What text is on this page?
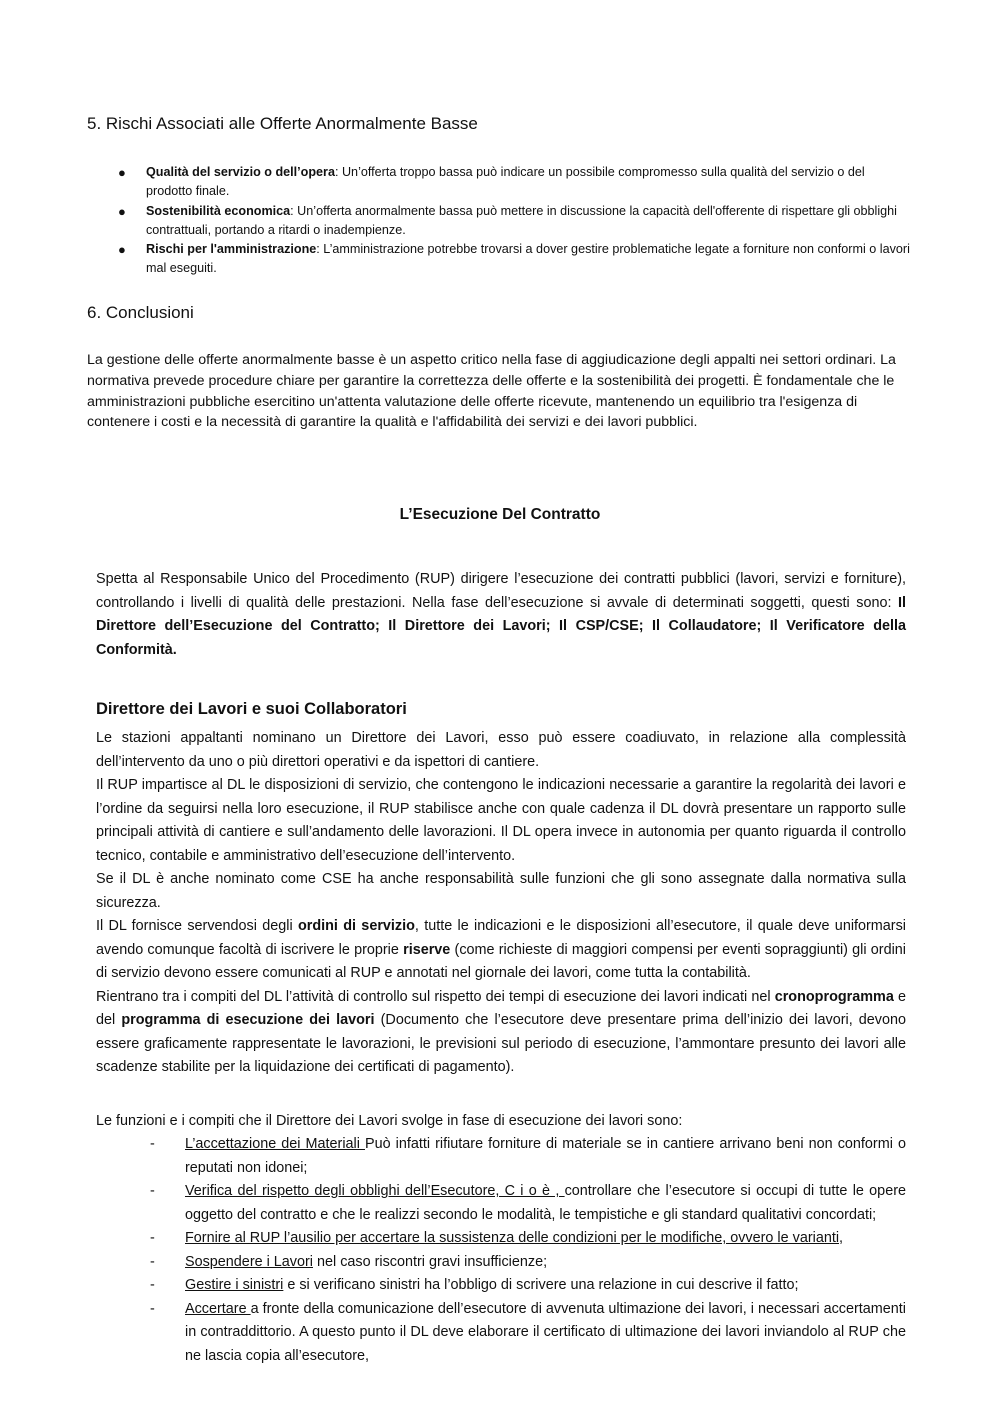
5. Rischi Associati alle Offerte Anormalmente Basse
● Qualità del servizio o dell’opera: Un’offerta troppo bassa può indicare un possibile compromesso sulla qualità del servizio o del prodotto finale.
● Sostenibilità economica: Un’offerta anormalmente bassa può mettere in discussione la capacità dell'offerente di rispettare gli obblighi contrattuali, portando a ritardi o inadempienze.
● Rischi per l'amministrazione: L’amministrazione potrebbe trovarsi a dover gestire problematiche legate a forniture non conformi o lavori mal eseguiti.
6. Conclusioni
La gestione delle offerte anormalmente basse è un aspetto critico nella fase di aggiudicazione degli appalti nei settori ordinari. La normativa prevede procedure chiare per garantire la correttezza delle offerte e la sostenibilità dei progetti. È fondamentale che le amministrazioni pubbliche esercitino un'attenta valutazione delle offerte ricevute, mantenendo un equilibrio tra l'esigenza di contenere i costi e la necessità di garantire la qualità e l'affidabilità dei servizi e dei lavori pubblici.
L’Esecuzione Del Contratto

Spetta al Responsabile Unico del Procedimento (RUP) dirigere l’esecuzione dei contratti pubblici (lavori, servizi e forniture), controllando i livelli di qualità delle prestazioni. Nella fase dell’esecuzione si avvale di determinati soggetti, questi sono: Il Direttore dell’Esecuzione del Contratto; Il Direttore dei Lavori; Il CSP/CSE; Il Collaudatore; Il Verificatore della Conformità.

Direttore dei Lavori e suoi Collaboratori

Le stazioni appaltanti nominano un Direttore dei Lavori, esso può essere coadiuvato, in relazione alla complessità dell’intervento da uno o più direttori operativi e da ispettori di cantiere.

Il RUP impartisce al DL le disposizioni di servizio, che contengono le indicazioni necessarie a garantire la regolarità dei lavori e l’ordine da seguirsi nella loro esecuzione, il RUP stabilisce anche con quale cadenza il DL dovrà presentare un rapporto sulle principali attività di cantiere e sull’andamento delle lavorazioni. Il DL opera invece in autonomia per quanto riguarda il controllo tecnico, contabile e amministrativo dell’esecuzione dell’intervento.

Se il DL è anche nominato come CSE ha anche responsabilità sulle funzioni che gli sono assegnate dalla normativa sulla sicurezza.

Il DL fornisce servendosi degli ordini di servizio, tutte le indicazioni e le disposizioni all’esecutore, il quale deve uniformarsi avendo comunque facoltà di iscrivere le proprie riserve (come richieste di maggiori compensi per eventi sopraggiunti) gli ordini di servizio devono essere comunicati al RUP e annotati nel giornale dei lavori, come tutta la contabilità.

Rientrano tra i compiti del DL l’attività di controllo sul rispetto dei tempi di esecuzione dei lavori indicati nel cronoprogramma e del programma di esecuzione dei lavori (Documento che l’esecutore deve presentare prima dell’inizio dei lavori, devono essere graficamente rappresentate le lavorazioni, le previsioni sul periodo di esecuzione, l’ammontare presunto dei lavori alle scadenze stabilite per la liquidazione dei certificati di pagamento).

Le funzioni e i compiti che il Direttore dei Lavori svolge in fase di esecuzione dei lavori sono:
- L’accettazione dei Materiali Può infatti rifiutare forniture di materiale se in cantiere arrivano beni non conformi o reputati non idonei;
- Verifica del rispetto degli obblighi dell’Esecutore, C i o è , controllare che l’esecutore si occupi di tutte le opere oggetto del contratto e che le realizzi secondo le modalità, le tempistiche e gli standard qualitativi concordati;
- Fornire al RUP l’ausilio per accertare la sussistenza delle condizioni per le modifiche, ovvero le varianti,
- Sospendere i Lavori nel caso riscontri gravi insufficienze;
- Gestire i sinistri e si verificano sinistri ha l’obbligo di scrivere una relazione in cui descrive il fatto;
- Accertare a fronte della comunicazione dell’esecutore di avvenuta ultimazione dei lavori, i necessari accertamenti in contraddittorio. A questo punto il DL deve elaborare il certificato di ultimazione dei lavori inviandolo al RUP che ne lascia copia all’esecutore,
